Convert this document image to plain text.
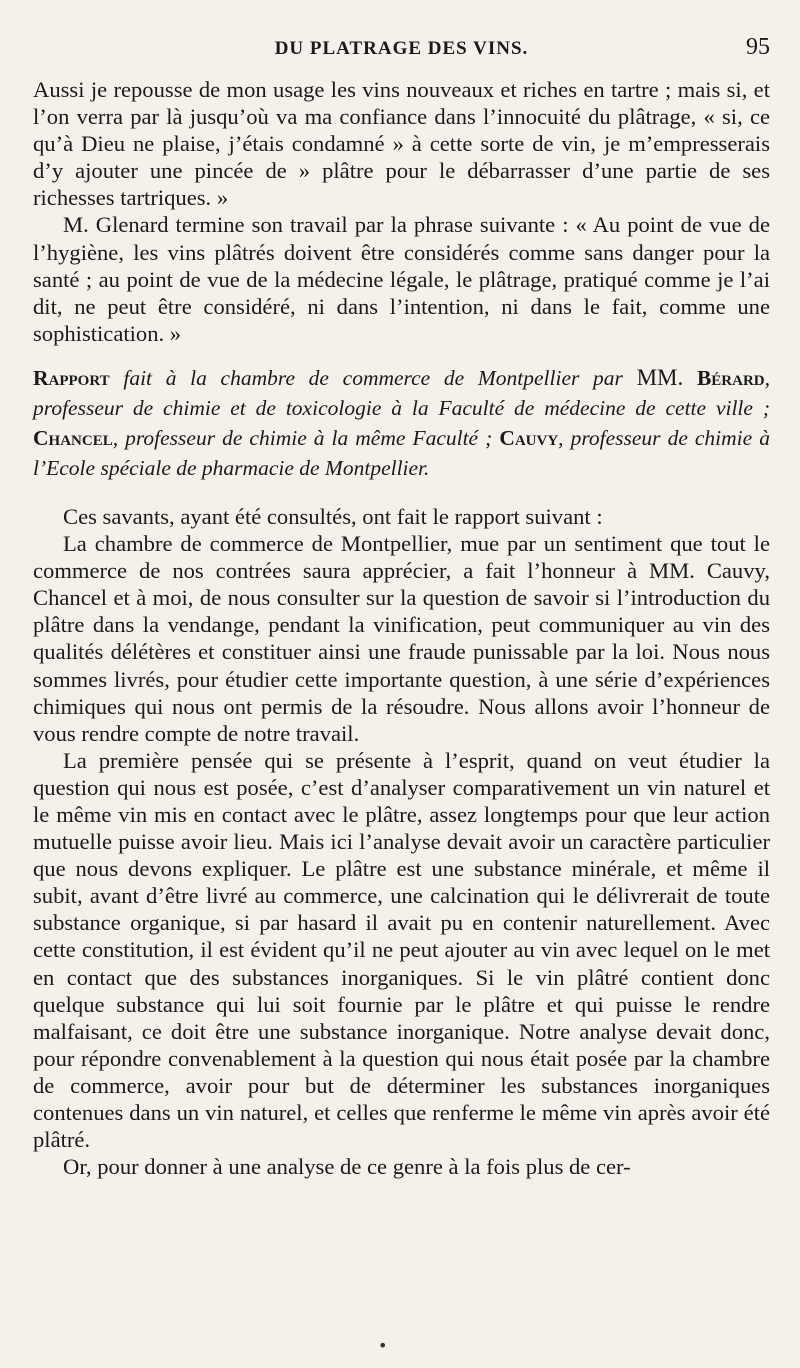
DU PLATRAGE DES VINS.	95

Aussi je repousse de mon usage les vins nouveaux et riches en tartre ; mais si, et l’on verra par là jusqu’où va ma confiance dans l’innocuité du plâtrage, « si, ce qu’à Dieu ne plaise, j’étais condamné » à cette sorte de vin, je m’empresserais d’y ajouter une pincée de » plâtre pour le débarrasser d’une partie de ses richesses tartriques. »

M. Glenard termine son travail par la phrase suivante : « Au point de vue de l’hygiène, les vins plâtrés doivent être considérés comme sans danger pour la santé ; au point de vue de la médecine légale, le plâtrage, pratiqué comme je l’ai dit, ne peut être considéré, ni dans l’intention, ni dans le fait, comme une sophistication. »

Rapport fait à la chambre de commerce de Montpellier par MM. Bérard, professeur de chimie et de toxicologie à la Faculté de médecine de cette ville ; Chancel, professeur de chimie à la même Faculté ; Cauvy, professeur de chimie à l’Ecole spéciale de pharmacie de Montpellier.

Ces savants, ayant été consultés, ont fait le rapport suivant :

La chambre de commerce de Montpellier, mue par un sentiment que tout le commerce de nos contrées saura apprécier, a fait l’honneur à MM. Cauvy, Chancel et à moi, de nous consulter sur la question de savoir si l’introduction du plâtre dans la vendange, pendant la vinification, peut communiquer au vin des qualités délétères et constituer ainsi une fraude punissable par la loi. Nous nous sommes livrés, pour étudier cette importante question, à une série d’expériences chimiques qui nous ont permis de la résoudre. Nous allons avoir l’honneur de vous rendre compte de notre travail.

La première pensée qui se présente à l’esprit, quand on veut étudier la question qui nous est posée, c’est d’analyser comparativement un vin naturel et le même vin mis en contact avec le plâtre, assez longtemps pour que leur action mutuelle puisse avoir lieu. Mais ici l’analyse devait avoir un caractère particulier que nous devons expliquer. Le plâtre est une substance minérale, et même il subit, avant d’être livré au commerce, une calcination qui le délivrerait de toute substance organique, si par hasard il avait pu en contenir naturellement. Avec cette constitution, il est évident qu’il ne peut ajouter au vin avec lequel on le met en contact que des substances inorganiques. Si le vin plâtré contient donc quelque substance qui lui soit fournie par le plâtre et qui puisse le rendre malfaisant, ce doit être une substance inorganique. Notre analyse devait donc, pour répondre convenablement à la question qui nous était posée par la chambre de commerce, avoir pour but de déterminer les substances inorganiques contenues dans un vin naturel, et celles que renferme le même vin après avoir été plâtré.

Or, pour donner à une analyse de ce genre à la fois plus de cer-

•
